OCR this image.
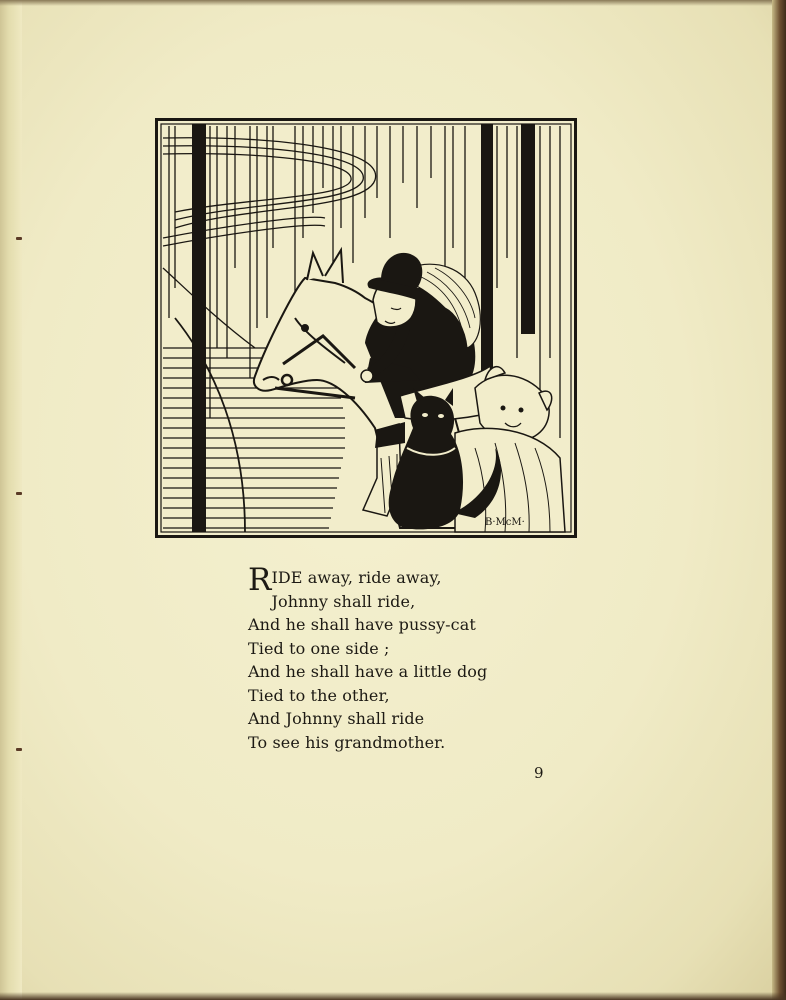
B·McM·
R IDE away, ride away,
Johnny shall ride,
And he shall have pussy-cat
Tied to one side ;
And he shall have a little dog
Tied to the other,
And Johnny shall ride
To see his grandmother.
9
